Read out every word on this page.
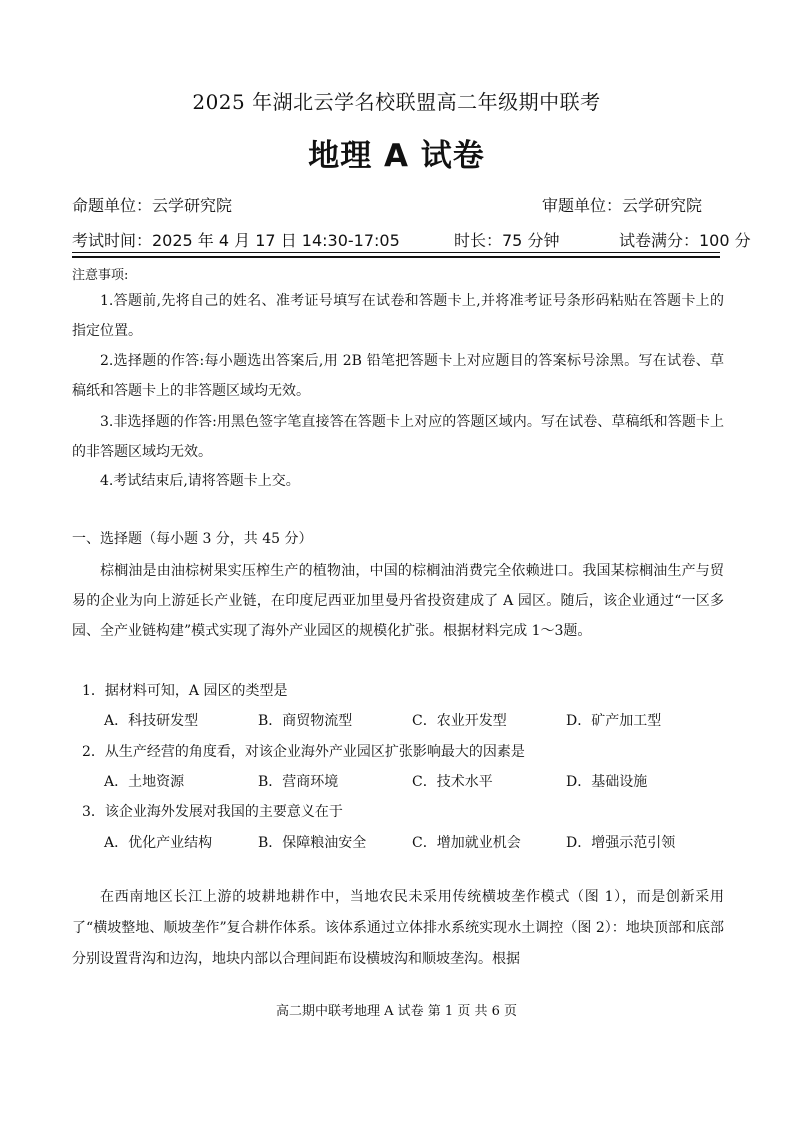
2025 年湖北云学名校联盟高二年级期中联考
地理 A 试卷
命题单位：云学研究院	审题单位：云学研究院
考试时间：2025 年 4 月 17 日 14:30-17:05	时长：75 分钟	试卷满分：100 分
注意事项:
1.答题前,先将自己的姓名、准考证号填写在试卷和答题卡上,并将准考证号条形码粘贴在答题卡上的指定位置。
2.选择题的作答:每小题选出答案后,用 2B 铅笔把答题卡上对应题目的答案标号涂黑。写在试卷、草稿纸和答题卡上的非答题区域均无效。
3.非选择题的作答:用黑色签字笔直接答在答题卡上对应的答题区域内。写在试卷、草稿纸和答题卡上的非答题区域均无效。
4.考试结束后,请将答题卡上交。
一、选择题（每小题 3 分，共 45 分）
棕榈油是由油棕树果实压榨生产的植物油，中国的棕榈油消费完全依赖进口。我国某棕榈油生产与贸易的企业为向上游延长产业链，在印度尼西亚加里曼丹省投资建成了 A 园区。随后，该企业通过“一区多园、全产业链构建”模式实现了海外产业园区的规模化扩张。根据材料完成 1～3题。
1．据材料可知，A 园区的类型是
A．科技研发型	B．商贸物流型	C．农业开发型	D．矿产加工型
2．从生产经营的角度看，对该企业海外产业园区扩张影响最大的因素是
A．土地资源	B．营商环境	C．技术水平	D．基础设施
3．该企业海外发展对我国的主要意义在于
A．优化产业结构	B．保障粮油安全	C．增加就业机会	D．增强示范引领
在西南地区长江上游的坡耕地耕作中，当地农民未采用传统横坡垄作模式（图 1），而是创新采用了“横坡整地、顺坡垄作”复合耕作体系。该体系通过立体排水系统实现水土调控（图 2）：地块顶部和底部分别设置背沟和边沟，地块内部以合理间距布设横坡沟和顺坡垄沟。根据
高二期中联考地理 A 试卷 第 1 页 共 6 页
